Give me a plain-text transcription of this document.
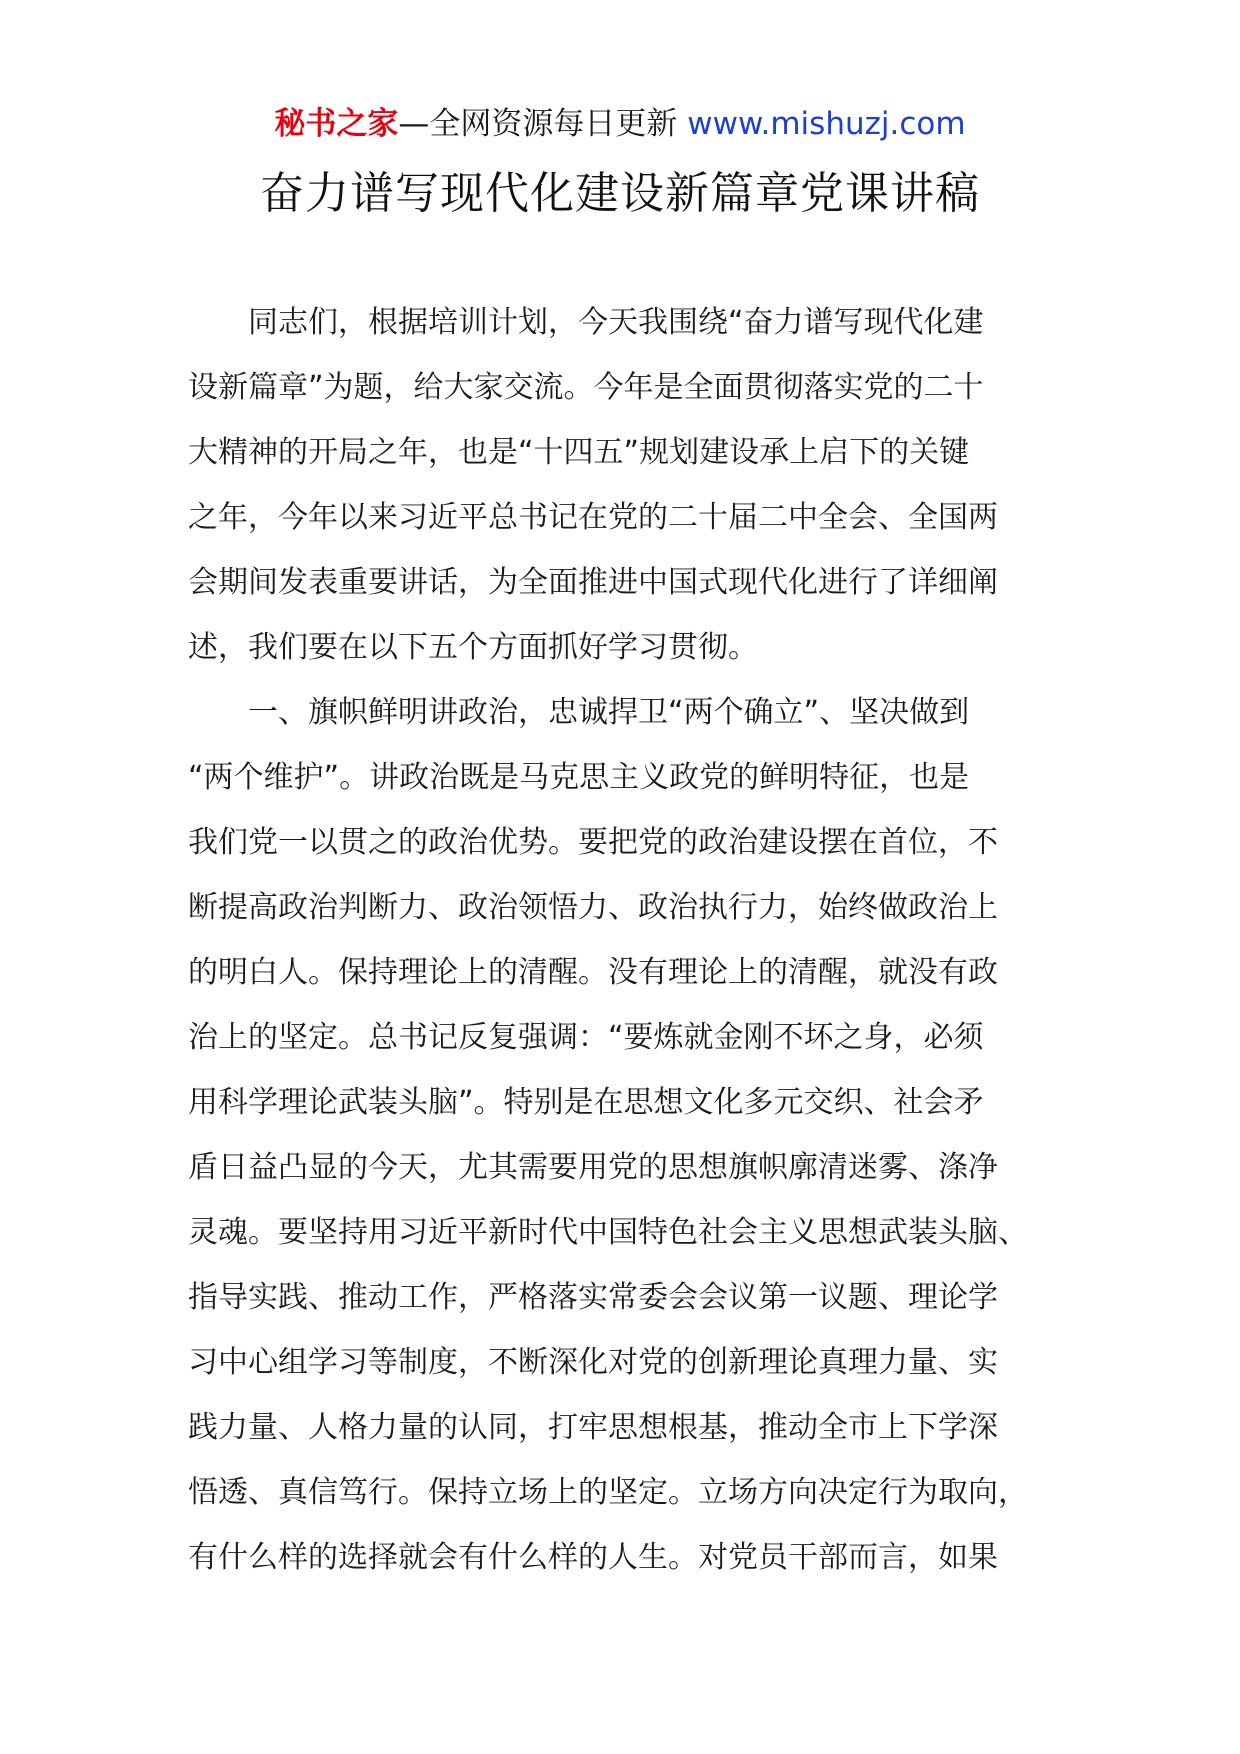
秘书之家—全网资源每日更新 www.mishuzj.com
奋力谱写现代化建设新篇章党课讲稿
同志们，根据培训计划，今天我围绕“奋力谱写现代化建
设新篇章”为题，给大家交流。今年是全面贯彻落实党的二十
大精神的开局之年，也是“十四五”规划建设承上启下的关键
之年，今年以来习近平总书记在党的二十届二中全会、全国两
会期间发表重要讲话，为全面推进中国式现代化进行了详细阐
述，我们要在以下五个方面抓好学习贯彻。
一、旗帜鲜明讲政治，忠诚捍卫“两个确立”、坚决做到
“两个维护”。讲政治既是马克思主义政党的鲜明特征，也是
我们党一以贯之的政治优势。要把党的政治建设摆在首位，不
断提高政治判断力、政治领悟力、政治执行力，始终做政治上
的明白人。保持理论上的清醒。没有理论上的清醒，就没有政
治上的坚定。总书记反复强调：“要炼就金刚不坏之身，必须
用科学理论武装头脑”。特别是在思想文化多元交织、社会矛
盾日益凸显的今天，尤其需要用党的思想旗帜廓清迷雾、涤净
灵魂。要坚持用习近平新时代中国特色社会主义思想武装头脑、
指导实践、推动工作，严格落实常委会会议第一议题、理论学
习中心组学习等制度，不断深化对党的创新理论真理力量、实
践力量、人格力量的认同，打牢思想根基，推动全市上下学深
悟透、真信笃行。保持立场上的坚定。立场方向决定行为取向，
有什么样的选择就会有什么样的人生。对党员干部而言，如果
